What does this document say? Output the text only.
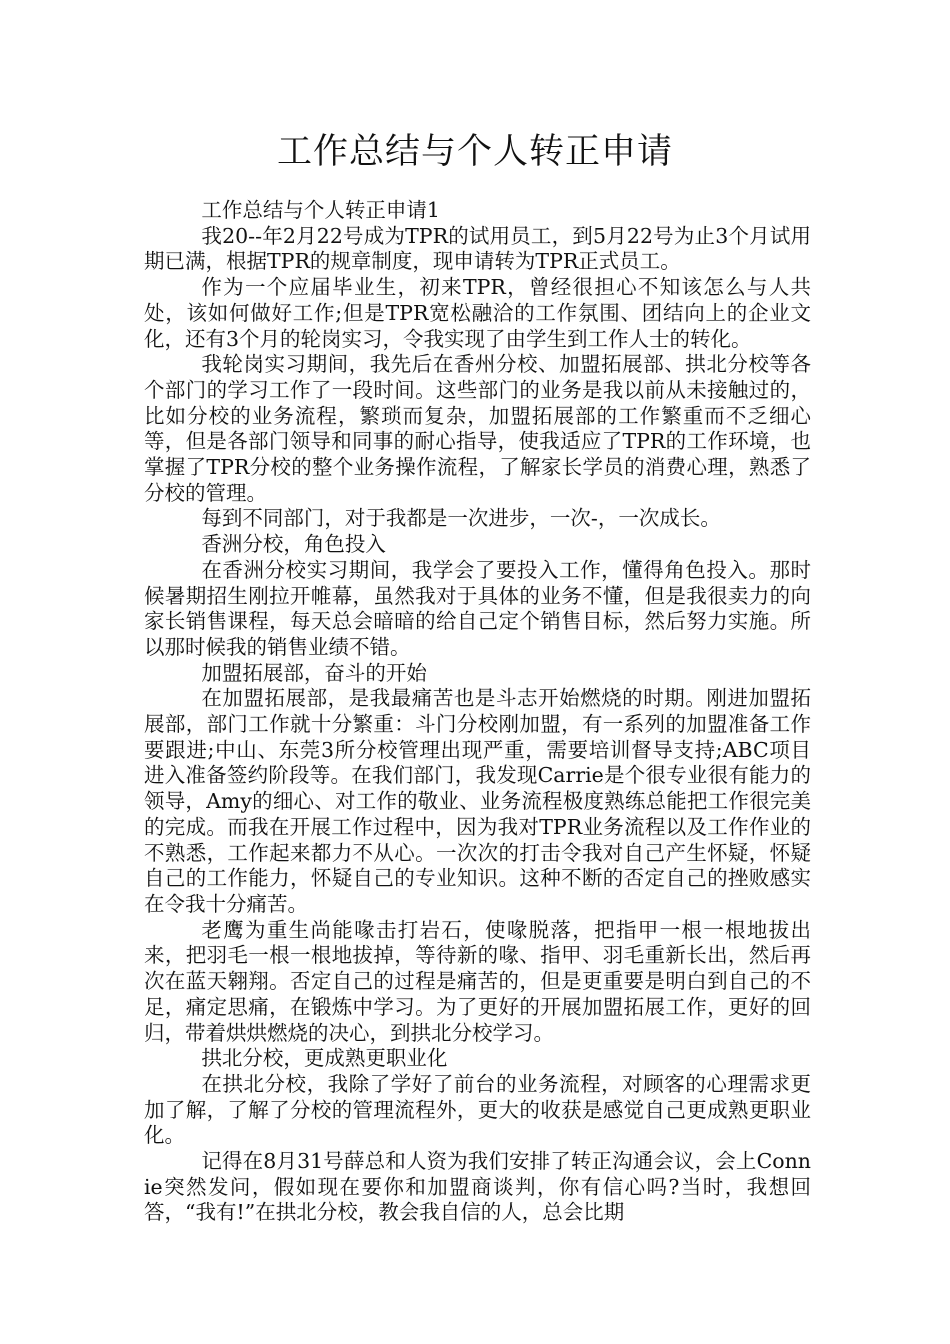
工作总结与个人转正申请

工作总结与个人转正申请1

我20--年2月22号成为TPR的试用员工，到5月22号为止3个月试用期已满，根据TPR的规章制度，现申请转为TPR正式员工。

作为一个应届毕业生，初来TPR，曾经很担心不知该怎么与人共处，该如何做好工作;但是TPR宽松融洽的工作氛围、团结向上的企业文化，还有3个月的轮岗实习，令我实现了由学生到工作人士的转化。

我轮岗实习期间，我先后在香州分校、加盟拓展部、拱北分校等各个部门的学习工作了一段时间。这些部门的业务是我以前从未接触过的，比如分校的业务流程，繁琐而复杂，加盟拓展部的工作繁重而不乏细心等，但是各部门领导和同事的耐心指导，使我适应了TPR的工作环境，也掌握了TPR分校的整个业务操作流程，了解家长学员的消费心理，熟悉了分校的管理。

每到不同部门，对于我都是一次进步，一次-，一次成长。

香洲分校，角色投入

在香洲分校实习期间，我学会了要投入工作，懂得角色投入。那时候暑期招生刚拉开帷幕，虽然我对于具体的业务不懂，但是我很卖力的向家长销售课程，每天总会暗暗的给自己定个销售目标，然后努力实施。所以那时候我的销售业绩不错。

加盟拓展部，奋斗的开始

在加盟拓展部，是我最痛苦也是斗志开始燃烧的时期。刚进加盟拓展部，部门工作就十分繁重：斗门分校刚加盟，有一系列的加盟准备工作要跟进;中山、东莞3所分校管理出现严重，需要培训督导支持;ABC项目进入准备签约阶段等。在我们部门，我发现Carrie是个很专业很有能力的领导，Amy的细心、对工作的敬业、业务流程极度熟练总能把工作很完美的完成。而我在开展工作过程中，因为我对TPR业务流程以及工作作业的不熟悉，工作起来都力不从心。一次次的打击令我对自己产生怀疑，怀疑自己的工作能力，怀疑自己的专业知识。这种不断的否定自己的挫败感实在令我十分痛苦。

老鹰为重生尚能喙击打岩石，使喙脱落，把指甲一根一根地拔出来，把羽毛一根一根地拔掉，等待新的喙、指甲、羽毛重新长出，然后再次在蓝天翱翔。否定自己的过程是痛苦的，但是更重要是明白到自己的不足，痛定思痛，在锻炼中学习。为了更好的开展加盟拓展工作，更好的回归，带着烘烘燃烧的决心，到拱北分校学习。

拱北分校，更成熟更职业化

在拱北分校，我除了学好了前台的业务流程，对顾客的心理需求更加了解，了解了分校的管理流程外，更大的收获是感觉自己更成熟更职业化。

记得在8月31号薛总和人资为我们安排了转正沟通会议，会上Connie突然发问，假如现在要你和加盟商谈判，你有信心吗?当时，我想回答，“我有!”在拱北分校，教会我自信的人，总会比期
